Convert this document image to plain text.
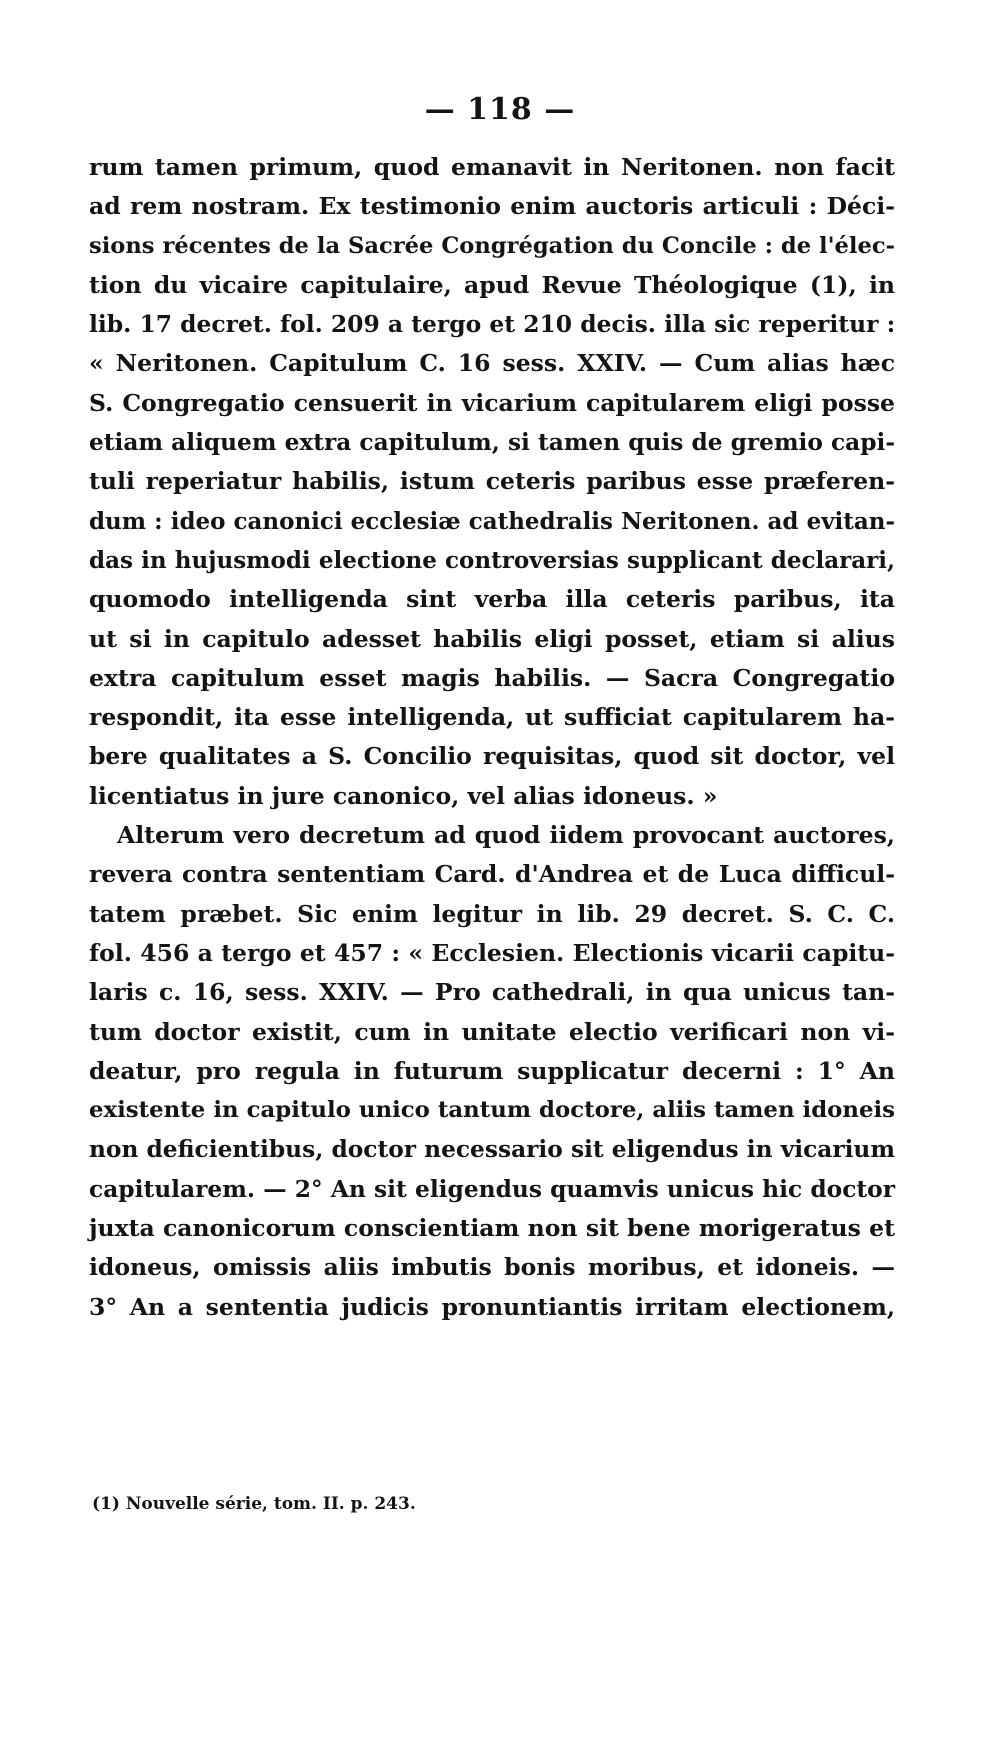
— 118 —
rum tamen primum, quod emanavit in Neritonen. non facit
ad rem nostram. Ex testimonio enim auctoris articuli : Déci-
sions récentes de la Sacrée Congrégation du Concile : de l'élec-
tion du vicaire capitulaire, apud Revue Théologique (1), in
lib. 17 decret. fol. 209 a tergo et 210 decis. illa sic reperitur :
« Neritonen. Capitulum C. 16 sess. XXIV. — Cum alias hæc
S. Congregatio censuerit in vicarium capitularem eligi posse
etiam aliquem extra capitulum, si tamen quis de gremio capi-
tuli reperiatur habilis, istum ceteris paribus esse præferen-
dum : ideo canonici ecclesiæ cathedralis Neritonen. ad evitan-
das in hujusmodi electione controversias supplicant declarari,
quomodo intelligenda sint verba illa ceteris paribus, ita
ut si in capitulo adesset habilis eligi posset, etiam si alius
extra capitulum esset magis habilis. — Sacra Congregatio
respondit, ita esse intelligenda, ut sufficiat capitularem ha-
bere qualitates a S. Concilio requisitas, quod sit doctor, vel
licentiatus in jure canonico, vel alias idoneus. »
Alterum vero decretum ad quod iidem provocant auctores,
revera contra sententiam Card. d'Andrea et de Luca difficul-
tatem præbet. Sic enim legitur in lib. 29 decret. S. C. C.
fol. 456 a tergo et 457 : « Ecclesien. Electionis vicarii capitu-
laris c. 16, sess. XXIV. — Pro cathedrali, in qua unicus tan-
tum doctor existit, cum in unitate electio verificari non vi-
deatur, pro regula in futurum supplicatur decerni : 1° An
existente in capitulo unico tantum doctore, aliis tamen idoneis
non deficientibus, doctor necessario sit eligendus in vicarium
capitularem. — 2° An sit eligendus quamvis unicus hic doctor
juxta canonicorum conscientiam non sit bene morigeratus et
idoneus, omissis aliis imbutis bonis moribus, et idoneis. —
3° An a sententia judicis pronuntiantis irritam electionem,
(1) Nouvelle série, tom. II. p. 243.
